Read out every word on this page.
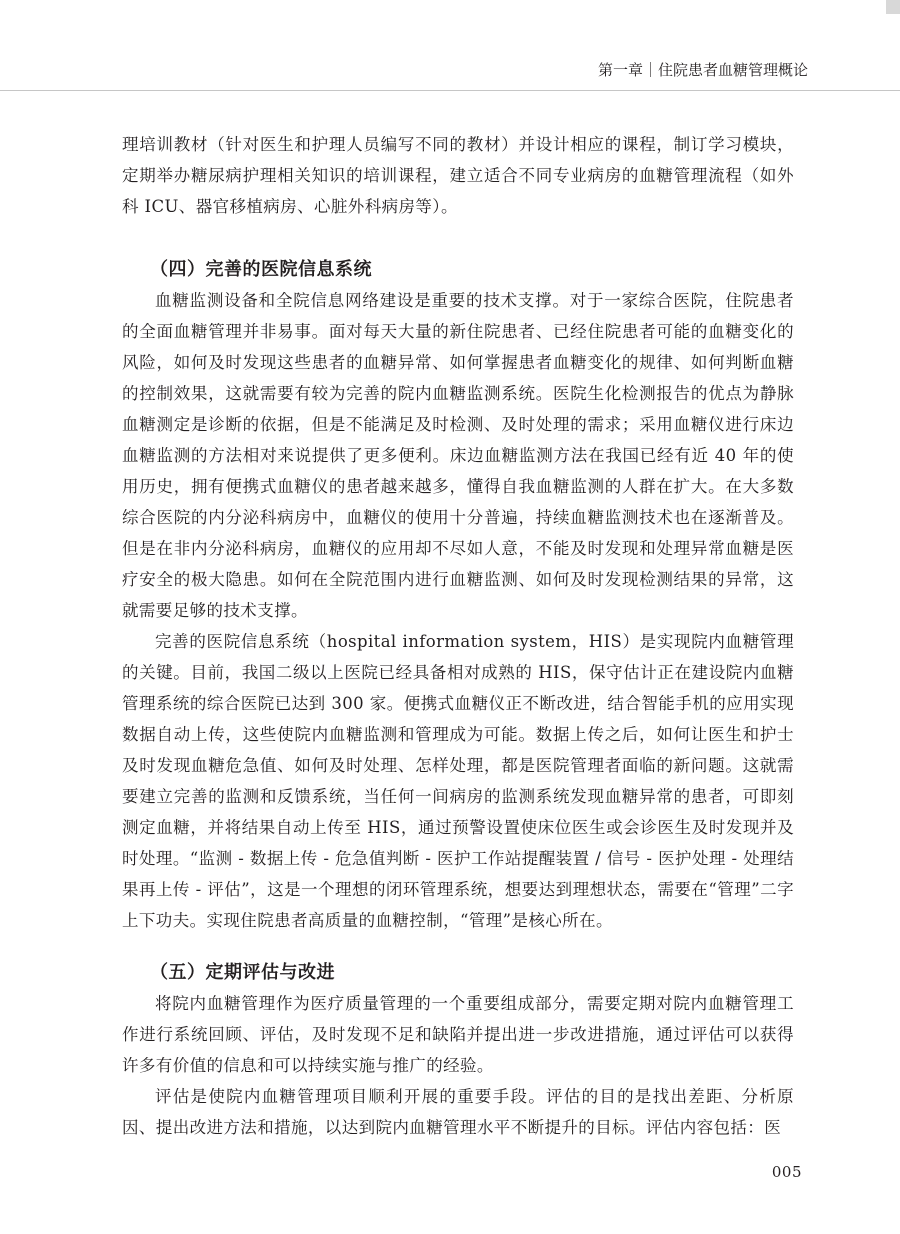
第一章｜住院患者血糖管理概论

理培训教材（针对医生和护理人员编写不同的教材）并设计相应的课程，制订学习模块，定期举办糖尿病护理相关知识的培训课程，建立适合不同专业病房的血糖管理流程（如外科 ICU、器官移植病房、心脏外科病房等）。

（四）完善的医院信息系统

血糖监测设备和全院信息网络建设是重要的技术支撑。对于一家综合医院，住院患者的全面血糖管理并非易事。面对每天大量的新住院患者、已经住院患者可能的血糖变化的风险，如何及时发现这些患者的血糖异常、如何掌握患者血糖变化的规律、如何判断血糖的控制效果，这就需要有较为完善的院内血糖监测系统。医院生化检测报告的优点为静脉血糖测定是诊断的依据，但是不能满足及时检测、及时处理的需求；采用血糖仪进行床边血糖监测的方法相对来说提供了更多便利。床边血糖监测方法在我国已经有近 40 年的使用历史，拥有便携式血糖仪的患者越来越多，懂得自我血糖监测的人群在扩大。在大多数综合医院的内分泌科病房中，血糖仪的使用十分普遍，持续血糖监测技术也在逐渐普及。但是在非内分泌科病房，血糖仪的应用却不尽如人意，不能及时发现和处理异常血糖是医疗安全的极大隐患。如何在全院范围内进行血糖监测、如何及时发现检测结果的异常，这就需要足够的技术支撑。

完善的医院信息系统（hospital information system，HIS）是实现院内血糖管理的关键。目前，我国二级以上医院已经具备相对成熟的 HIS，保守估计正在建设院内血糖管理系统的综合医院已达到 300 家。便携式血糖仪正不断改进，结合智能手机的应用实现数据自动上传，这些使院内血糖监测和管理成为可能。数据上传之后，如何让医生和护士及时发现血糖危急值、如何及时处理、怎样处理，都是医院管理者面临的新问题。这就需要建立完善的监测和反馈系统，当任何一间病房的监测系统发现血糖异常的患者，可即刻测定血糖，并将结果自动上传至 HIS，通过预警设置使床位医生或会诊医生及时发现并及时处理。“监测 - 数据上传 - 危急值判断 - 医护工作站提醒装置 / 信号 - 医护处理 - 处理结果再上传 - 评估”，这是一个理想的闭环管理系统，想要达到理想状态，需要在“管理”二字上下功夫。实现住院患者高质量的血糖控制，“管理”是核心所在。

（五）定期评估与改进

将院内血糖管理作为医疗质量管理的一个重要组成部分，需要定期对院内血糖管理工作进行系统回顾、评估，及时发现不足和缺陷并提出进一步改进措施，通过评估可以获得许多有价值的信息和可以持续实施与推广的经验。

评估是使院内血糖管理项目顺利开展的重要手段。评估的目的是找出差距、分析原因、提出改进方法和措施，以达到院内血糖管理水平不断提升的目标。评估内容包括：医

005
